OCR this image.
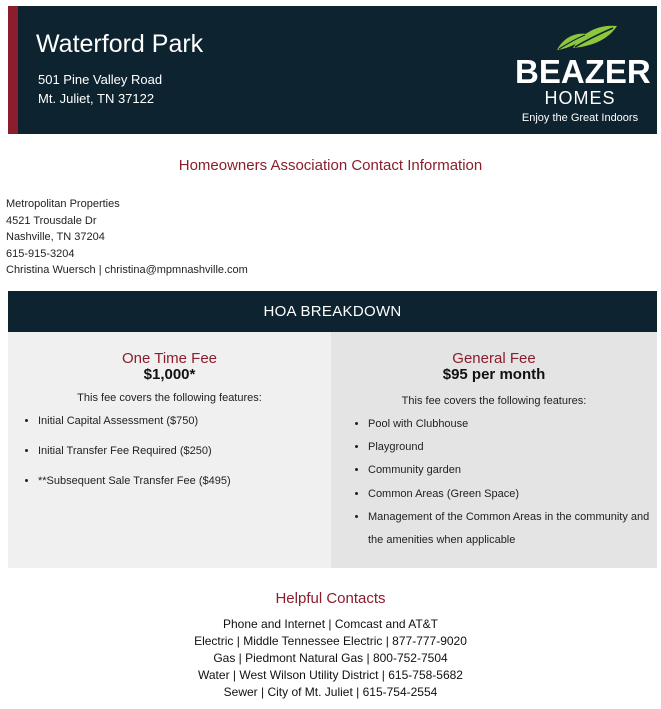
Waterford Park
501 Pine Valley Road
Mt. Juliet, TN 37122
BEAZER
HOMES
Enjoy the Great Indoors
Homeowners Association Contact Information
Metropolitan Properties
4521 Trousdale Dr
Nashville, TN 37204
615-915-3204
Christina Wuersch | christina@mpmnashville.com
HOA BREAKDOWN
One Time Fee
$1,000*
This fee covers the following features:
• Initial Capital Assessment ($750)
• Initial Transfer Fee Required ($250)
• **Subsequent Sale Transfer Fee ($495)
General Fee
$95 per month
This fee covers the following features:
• Pool with Clubhouse
• Playground
• Community garden
• Common Areas (Green Space)
• Management of the Common Areas in the community and the amenities when applicable
Helpful Contacts
Phone and Internet | Comcast and AT&T
Electric | Middle Tennessee Electric | 877-777-9020
Gas | Piedmont Natural Gas | 800-752-7504
Water | West Wilson Utility District | 615-758-5682
Sewer | City of Mt. Juliet | 615-754-2554
